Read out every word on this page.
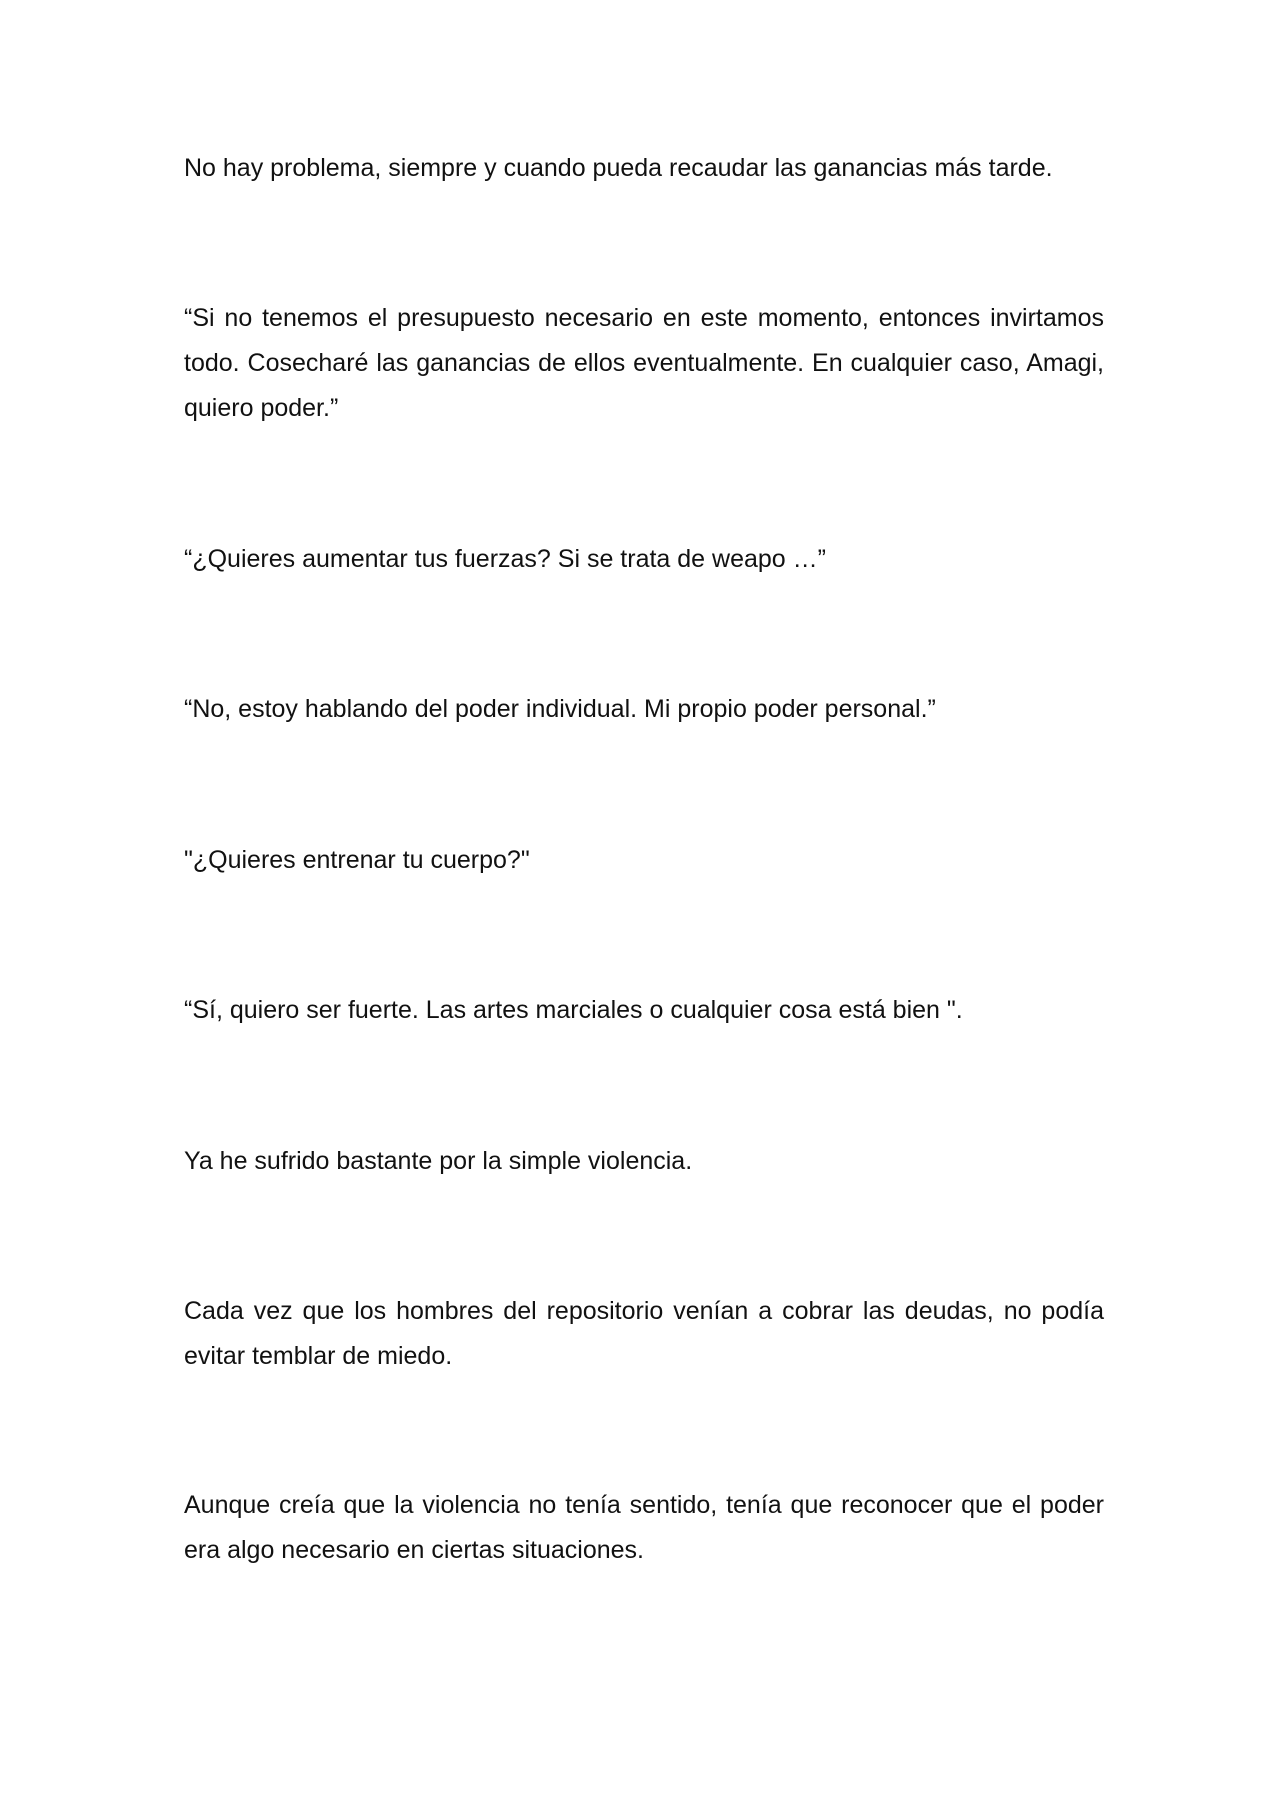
No hay problema, siempre y cuando pueda recaudar las ganancias más tarde.

“Si no tenemos el presupuesto necesario en este momento, entonces invirtamos todo. Cosecharé las ganancias de ellos eventualmente. En cualquier caso, Amagi, quiero poder.”

“¿Quieres aumentar tus fuerzas? Si se trata de weapo …”

“No, estoy hablando del poder individual. Mi propio poder personal.”

"¿Quieres entrenar tu cuerpo?"

“Sí, quiero ser fuerte. Las artes marciales o cualquier cosa está bien ".

Ya he sufrido bastante por la simple violencia.

Cada vez que los hombres del repositorio venían a cobrar las deudas, no podía evitar temblar de miedo.

Aunque creía que la violencia no tenía sentido, tenía que reconocer que el poder era algo necesario en ciertas situaciones.
